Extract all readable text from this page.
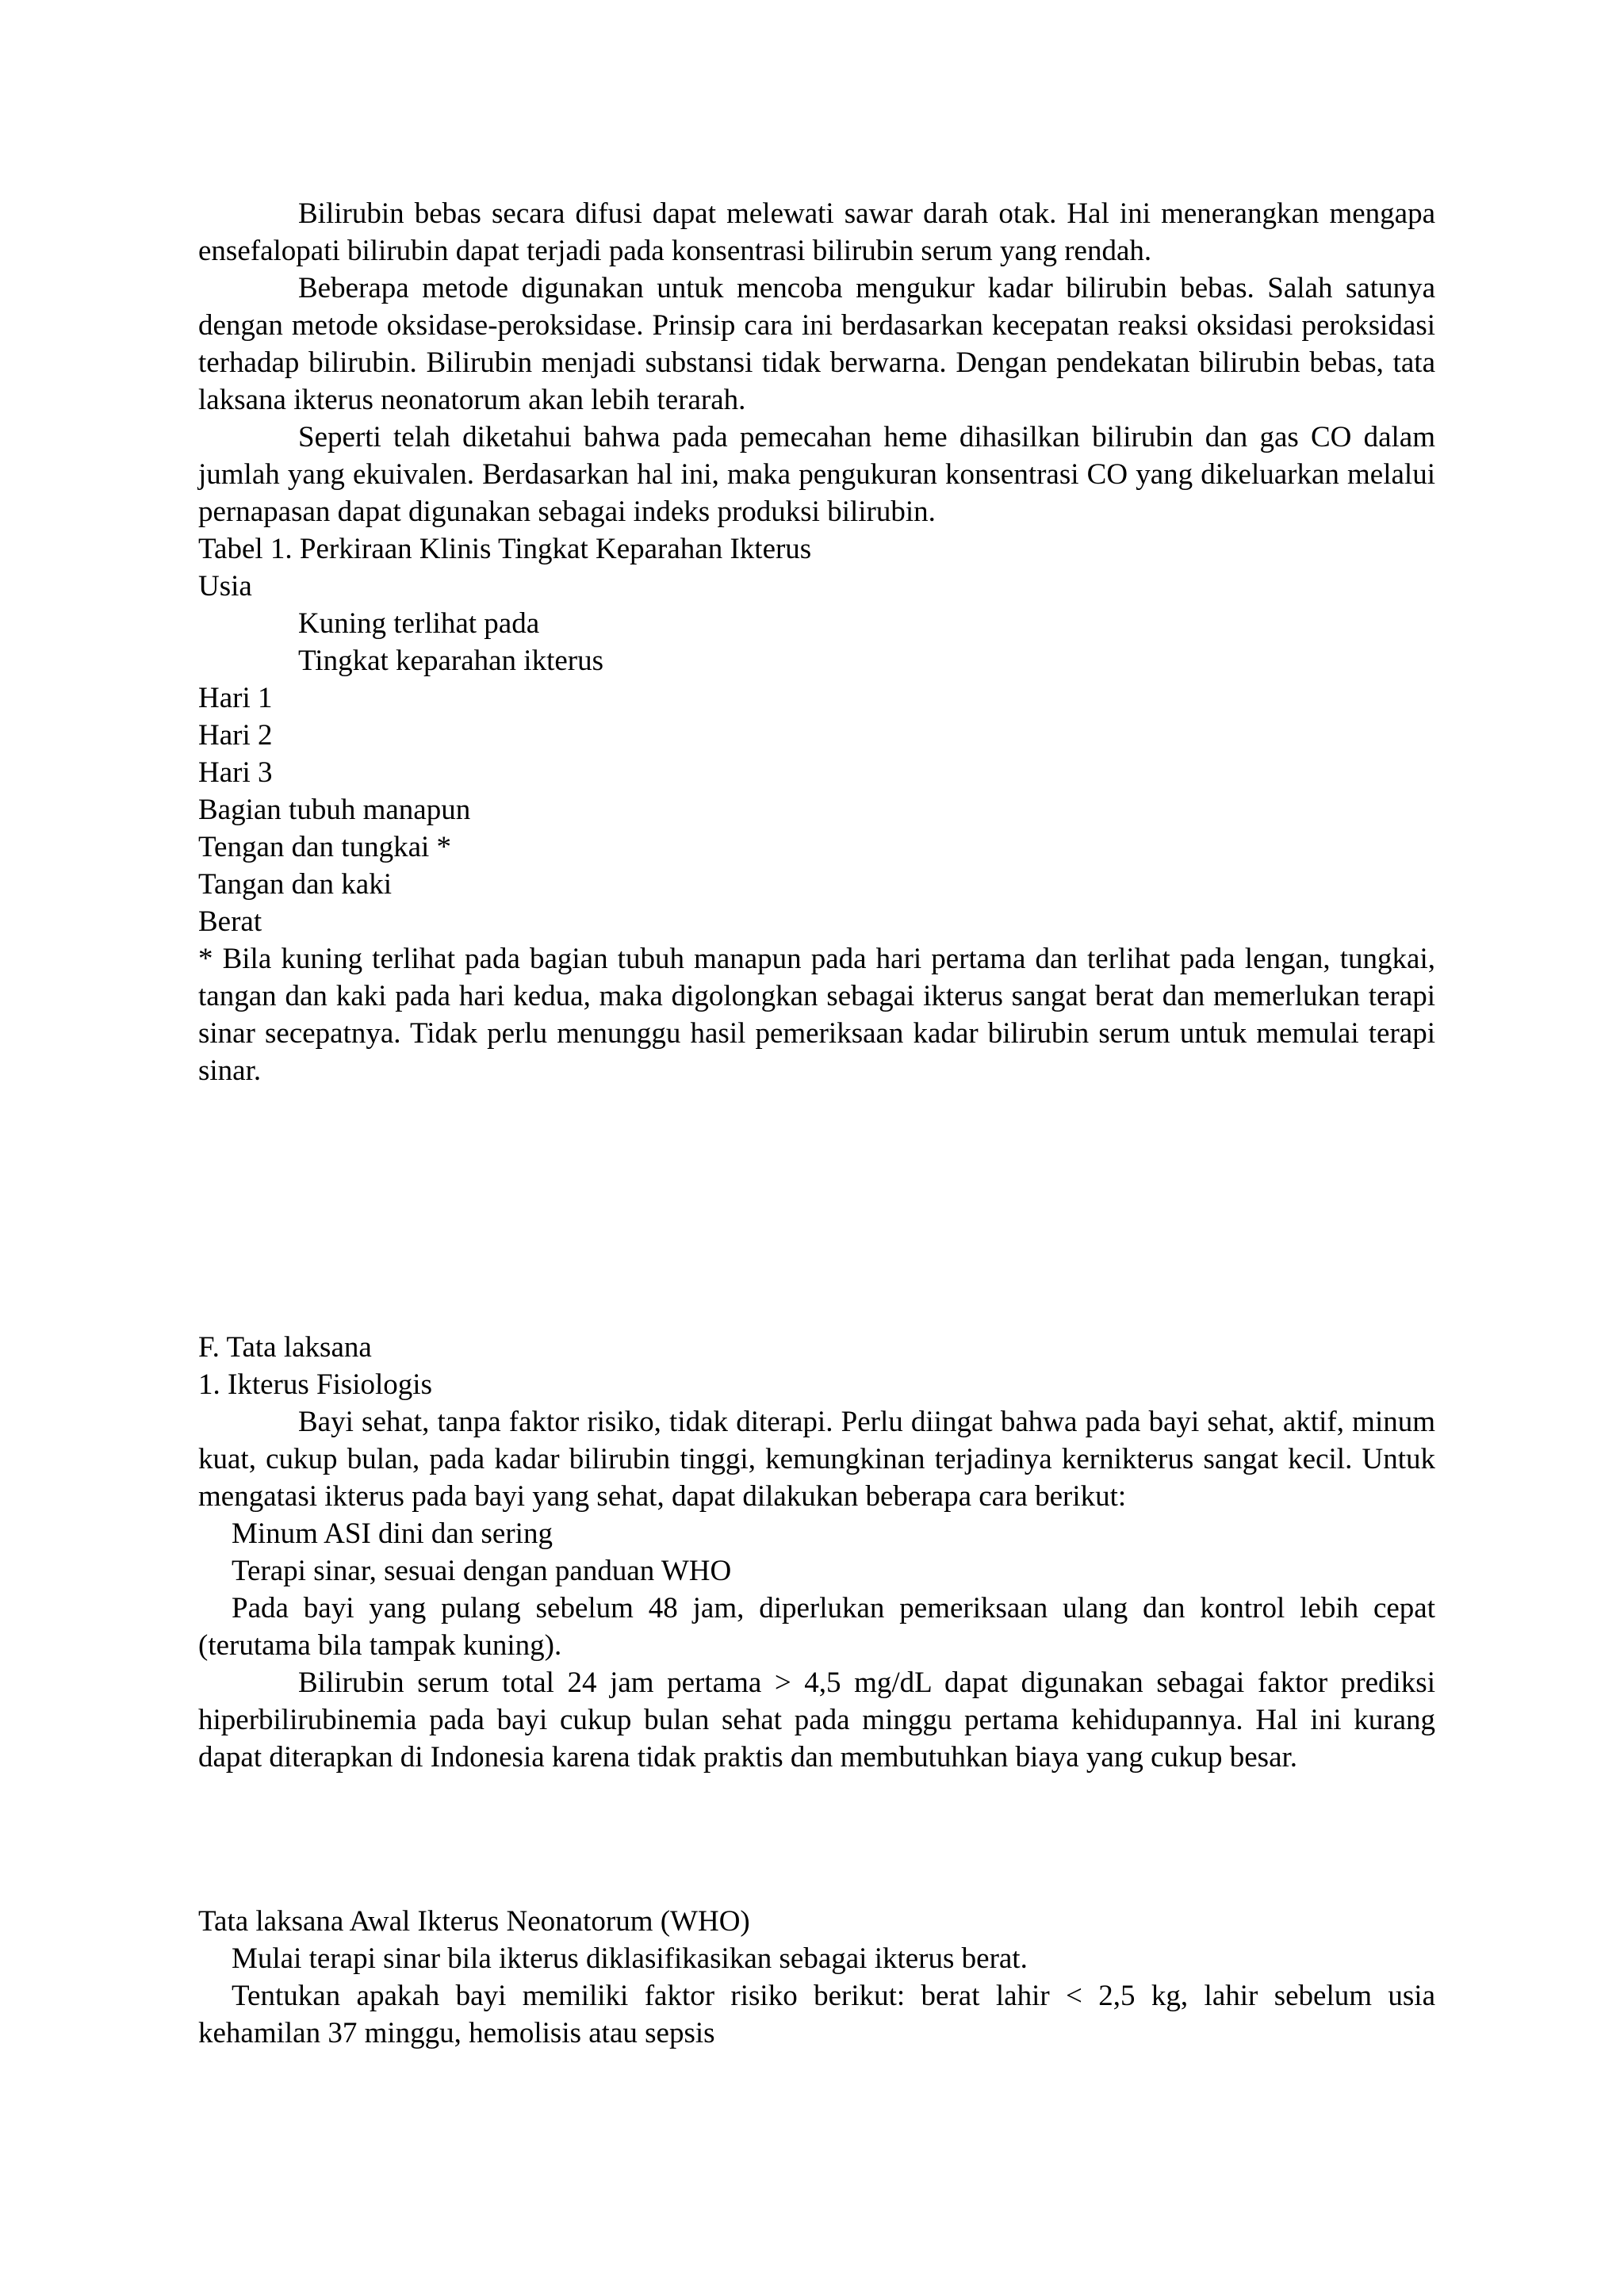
Bilirubin bebas secara difusi dapat melewati sawar darah otak. Hal ini menerangkan mengapa ensefalopati bilirubin dapat terjadi pada konsentrasi bilirubin serum yang rendah.

Beberapa metode digunakan untuk mencoba mengukur kadar bilirubin bebas. Salah satunya dengan metode oksidase-peroksidase. Prinsip cara ini berdasarkan kecepatan reaksi oksidasi peroksidasi terhadap bilirubin. Bilirubin menjadi substansi tidak berwarna. Dengan pendekatan bilirubin bebas, tata laksana ikterus neonatorum akan lebih terarah.

Seperti telah diketahui bahwa pada pemecahan heme dihasilkan bilirubin dan gas CO dalam jumlah yang ekuivalen. Berdasarkan hal ini, maka pengukuran konsentrasi CO yang dikeluarkan melalui pernapasan dapat digunakan sebagai indeks produksi bilirubin.

Tabel 1. Perkiraan Klinis Tingkat Keparahan Ikterus

Usia

Kuning terlihat pada

Tingkat keparahan ikterus

Hari 1

Hari 2

Hari 3

Bagian tubuh manapun

Tengan dan tungkai *

Tangan dan kaki

Berat

* Bila kuning terlihat pada bagian tubuh manapun pada hari pertama dan terlihat pada lengan, tungkai, tangan dan kaki pada hari kedua, maka digolongkan sebagai ikterus sangat berat dan memerlukan terapi sinar secepatnya. Tidak perlu menunggu hasil pemeriksaan kadar bilirubin serum untuk memulai terapi sinar.

F. Tata laksana

1. Ikterus Fisiologis

Bayi sehat, tanpa faktor risiko, tidak diterapi. Perlu diingat bahwa pada bayi sehat, aktif, minum kuat, cukup bulan, pada kadar bilirubin tinggi, kemungkinan terjadinya kernikterus sangat kecil. Untuk mengatasi ikterus pada bayi yang sehat, dapat dilakukan beberapa cara berikut:

Minum ASI dini dan sering

Terapi sinar, sesuai dengan panduan WHO

Pada bayi yang pulang sebelum 48 jam, diperlukan pemeriksaan ulang dan kontrol lebih cepat (terutama bila tampak kuning).

Bilirubin serum total 24 jam pertama > 4,5 mg/dL dapat digunakan sebagai faktor prediksi hiperbilirubinemia pada bayi cukup bulan sehat pada minggu pertama kehidupannya. Hal ini kurang dapat diterapkan di Indonesia karena tidak praktis dan membutuhkan biaya yang cukup besar.

Tata laksana Awal Ikterus Neonatorum (WHO)

Mulai terapi sinar bila ikterus diklasifikasikan sebagai ikterus berat.

Tentukan apakah bayi memiliki faktor risiko berikut: berat lahir < 2,5 kg, lahir sebelum usia kehamilan 37 minggu, hemolisis atau sepsis
